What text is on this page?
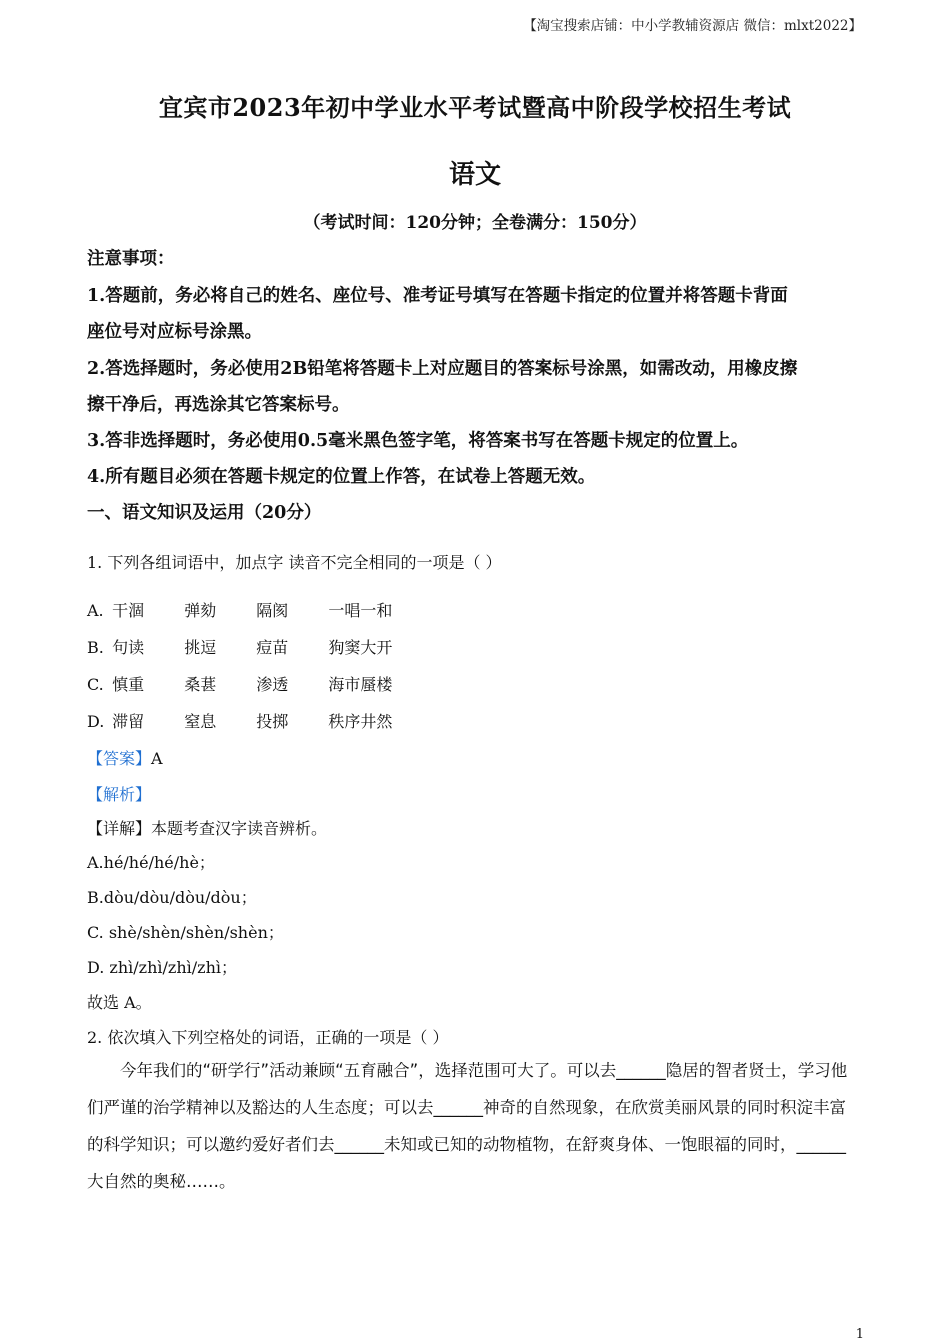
【淘宝搜索店铺：中小学教辅资源店 微信：mlxt2022】
宜宾市2023年初中学业水平考试暨高中阶段学校招生考试
语文
（考试时间：120分钟；全卷满分：150分）
注意事项：
1.答题前，务必将自己的姓名、座位号、准考证号填写在答题卡指定的位置并将答题卡背面
座位号对应标号涂黑。
2.答选择题时，务必使用2B铅笔将答题卡上对应题目的答案标号涂黑，如需改动，用橡皮擦
擦干净后，再选涂其它答案标号。
3.答非选择题时，务必使用0.5毫米黑色签字笔，将答案书写在答题卡规定的位置上。
4.所有题目必须在答题卡规定的位置上作答，在试卷上答题无效。
一、语文知识及运用（20分）
1. 下列各组词语中，加点字 读音不完全相同的一项是（ ）
A. 干涸	弹劾	隔阂	一唱一和
B. 句读	挑逗	痘苗	狗窦大开
C. 慎重	桑葚	渗透	海市蜃楼
D. 滞留	窒息	投掷	秩序井然
【答案】A
【解析】
【详解】本题考查汉字读音辨析。
A.hé/hé/hé/hè；
B.dòu/dòu/dòu/dòu；
C. shè/shèn/shèn/shèn；
D. zhì/zhì/zhì/zhì；
故选 A。
2. 依次填入下列空格处的词语，正确的一项是（ ）
今年我们的“研学行”活动兼顾“五育融合”，选择范围可大了。可以去______隐居的智者贤士，学习他们严谨的治学精神以及豁达的人生态度；可以去______神奇的自然现象，在欣赏美丽风景的同时积淀丰富的科学知识；可以邀约爱好者们去______未知或已知的动物植物，在舒爽身体、一饱眼福的同时，______大自然的奥秘……。
1
